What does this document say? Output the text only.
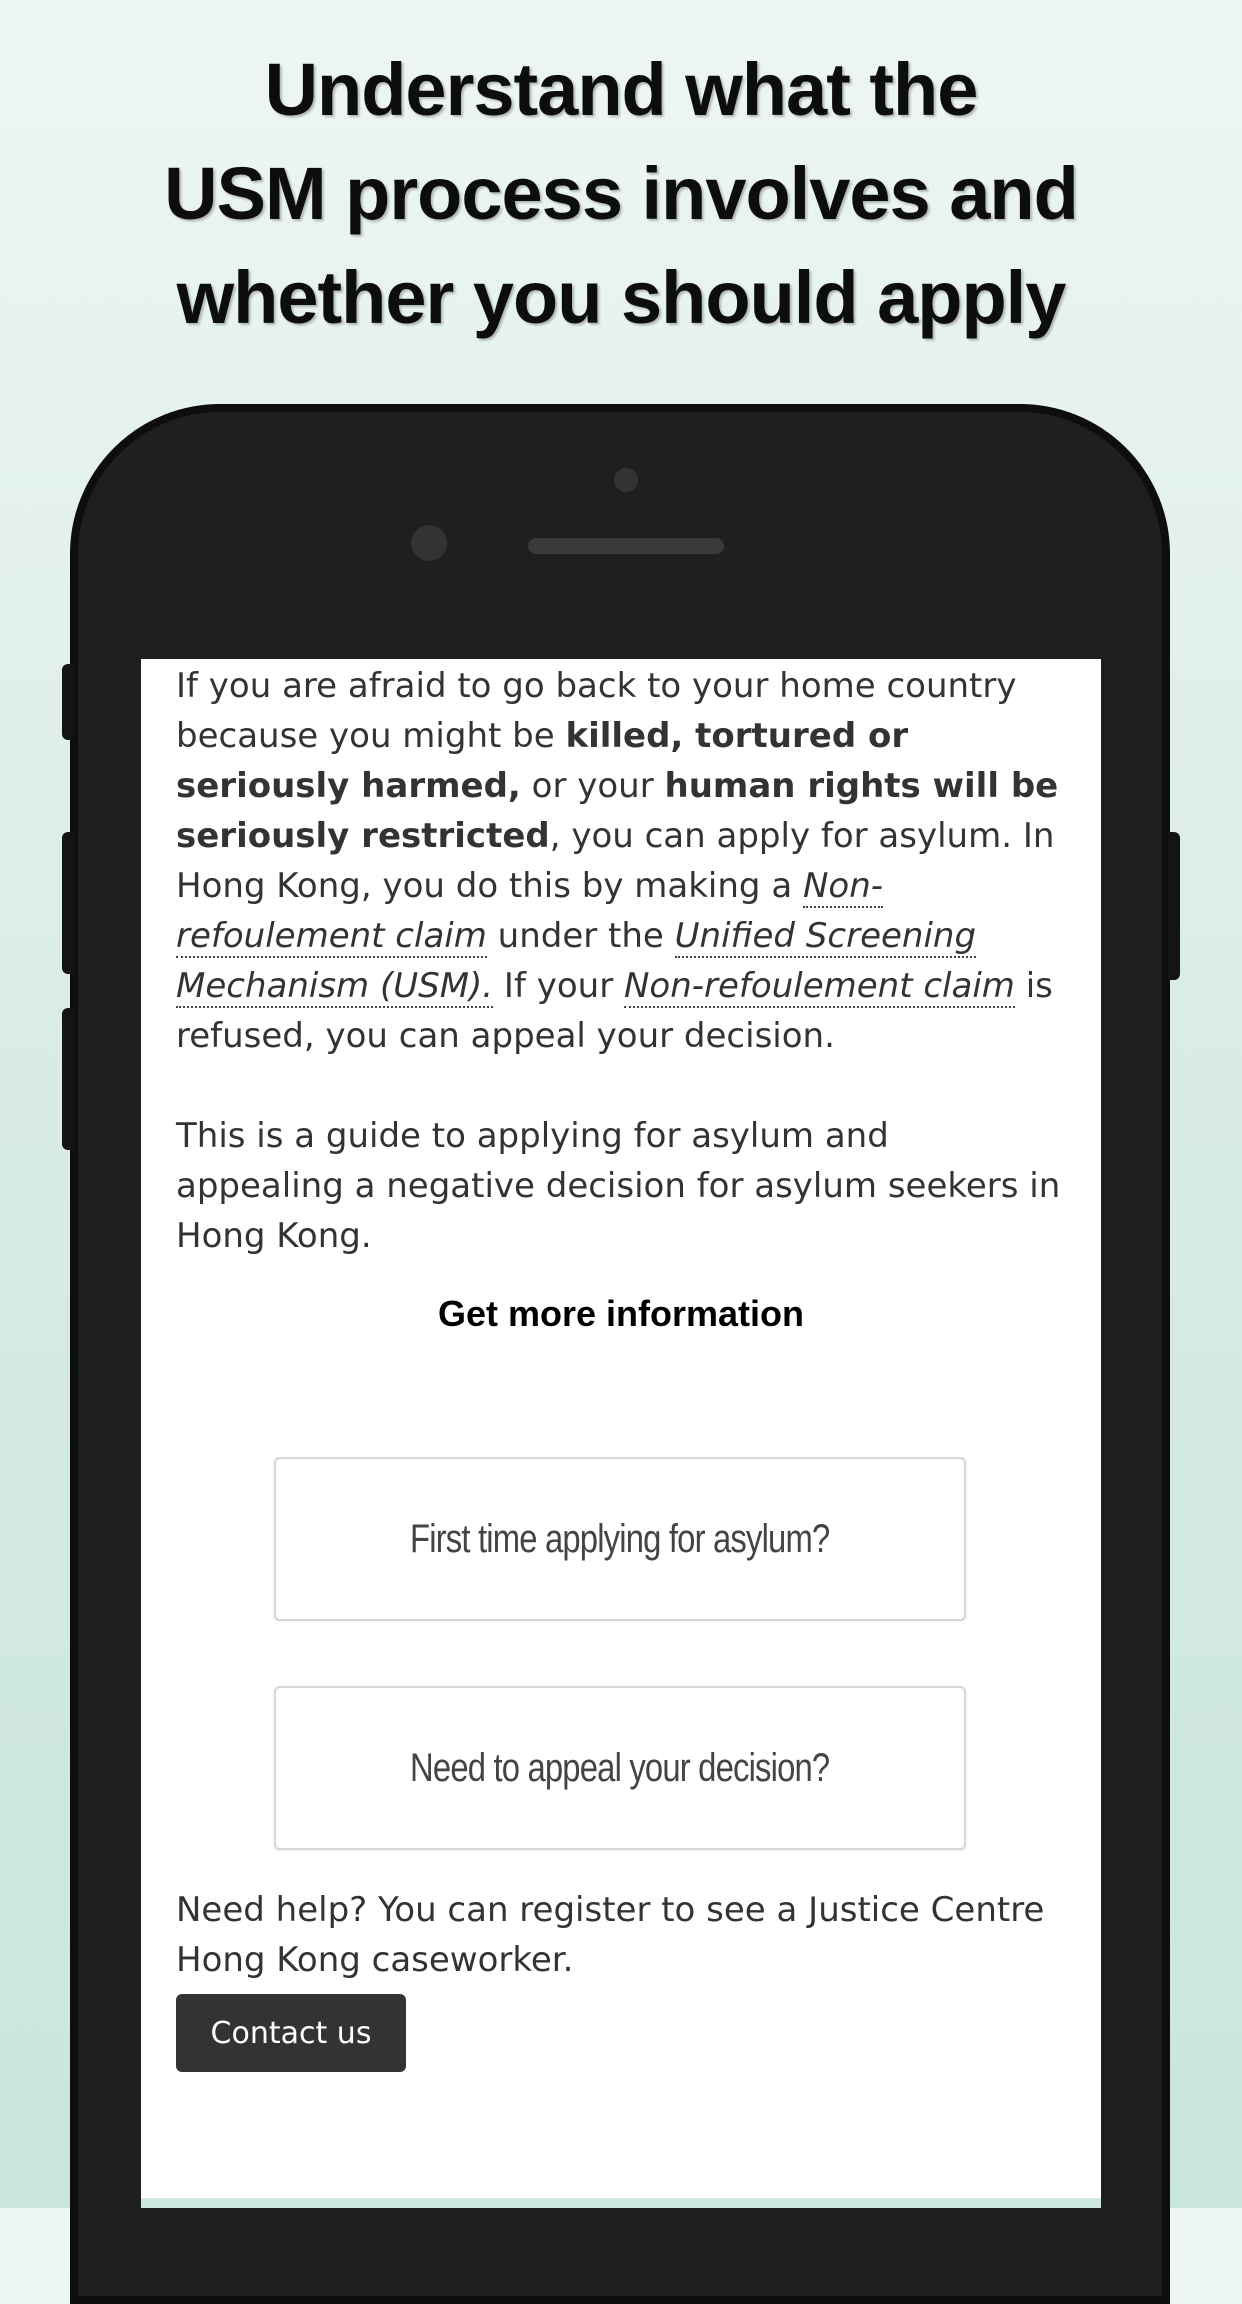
Understand what the
USM process involves and
whether you should apply

If you are afraid to go back to your home country because you might be killed, tortured or seriously harmed, or your human rights will be seriously restricted, you can apply for asylum. In Hong Kong, you do this by making a Non-refoulement claim under the Unified Screening Mechanism (USM). If your Non-refoulement claim is refused, you can appeal your decision.

This is a guide to applying for asylum and appealing a negative decision for asylum seekers in Hong Kong.

Get more information
First time applying for asylum?
Need to appeal your decision?
Need help? You can register to see a Justice Centre Hong Kong caseworker.
Contact us
